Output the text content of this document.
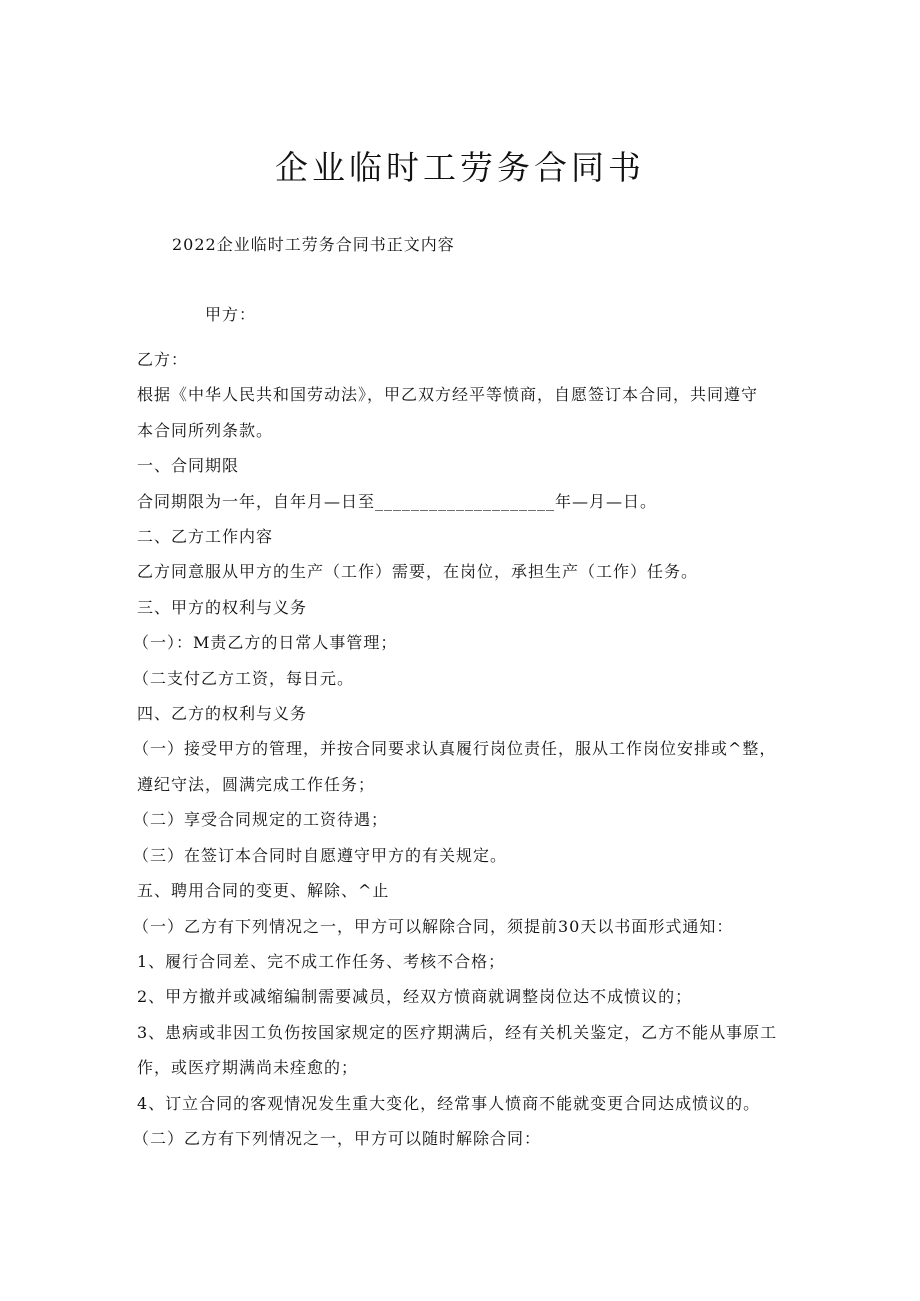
企业临时工劳务合同书

2022企业临时工劳务合同书正文内容

甲方：

乙方：

根据《中华人民共和国劳动法》，甲乙双方经平等愤商，自愿签订本合同，共同遵守

本合同所列条款。

一、合同期限

合同期限为一年，自年月—日至____________________年—月—日。

二、乙方工作内容

乙方同意服从甲方的生产（工作）需要，在岗位，承担生产（工作）任务。

三、甲方的权利与义务

（一）：M责乙方的日常人事管理；

（二支付乙方工资，每日元。

四、乙方的权利与义务

（一）接受甲方的管理，并按合同要求认真履行岗位责任，服从工作岗位安排或^整，

遵纪守法，圆满完成工作任务；

（二）享受合同规定的工资待遇；

（三）在签订本合同时自愿遵守甲方的有关规定。

五、聘用合同的变更、解除、^止

（一）乙方有下列情况之一，甲方可以解除合同，须提前30天以书面形式通知：

1、履行合同差、完不成工作任务、考核不合格；

2、甲方撤并或减缩编制需要减员，经双方愤商就调整岗位达不成愤议的；

3、患病或非因工负伤按国家规定的医疗期满后，经有关机关鉴定，乙方不能从事原工

作，或医疗期满尚未痊愈的；

4、订立合同的客观情况发生重大变化，经常事人愤商不能就变更合同达成愤议的。

（二）乙方有下列情况之一，甲方可以随时解除合同：
